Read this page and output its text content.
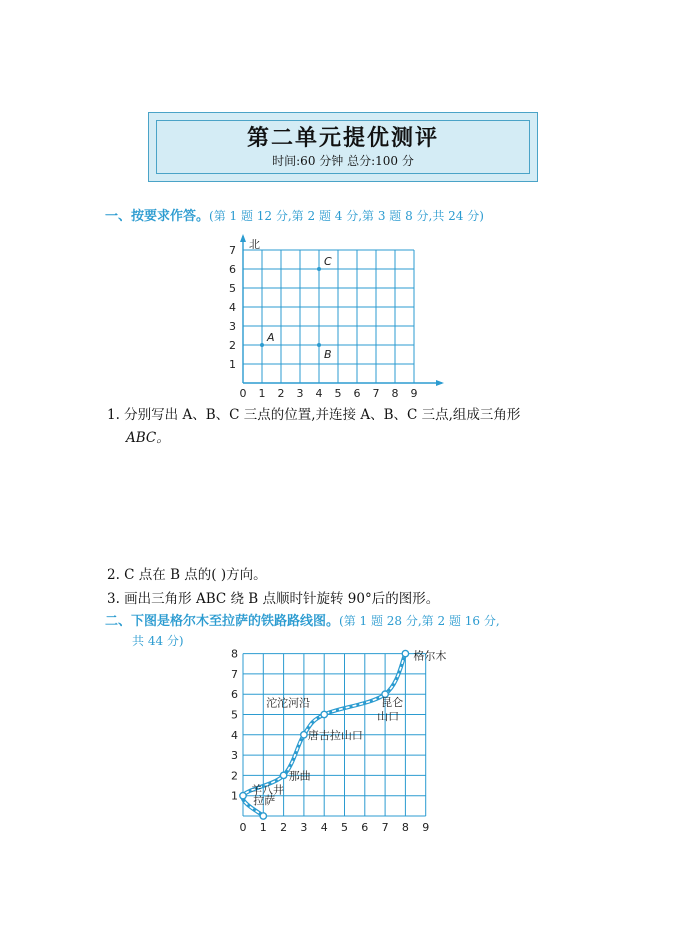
第二单元提优测评
时间:60 分钟 总分:100 分
一、按要求作答。(第 1 题 12 分,第 2 题 4 分,第 3 题 8 分,共 24 分)
北
0 1 2 3 4 5 6 7 8 9
1
2
3
4
5
6
7
A
B
C
1. 分别写出 A、B、C 三点的位置,并连接 A、B、C 三点,组成三角形
ABC。
2. C 点在 B 点的( )方向。
3. 画出三角形 ABC 绕 B 点顺时针旋转 90°后的图形。
二、下图是格尔木至拉萨的铁路路线图。(第 1 题 28 分,第 2 题 16 分,
共 44 分)
0 1 2 3 4 5 6 7 8 9
1
2
3
4
5
6
7
8	格尔木
昆仑
山口
沱沱河沿
唐古拉山口
那曲
羊八井
拉萨
